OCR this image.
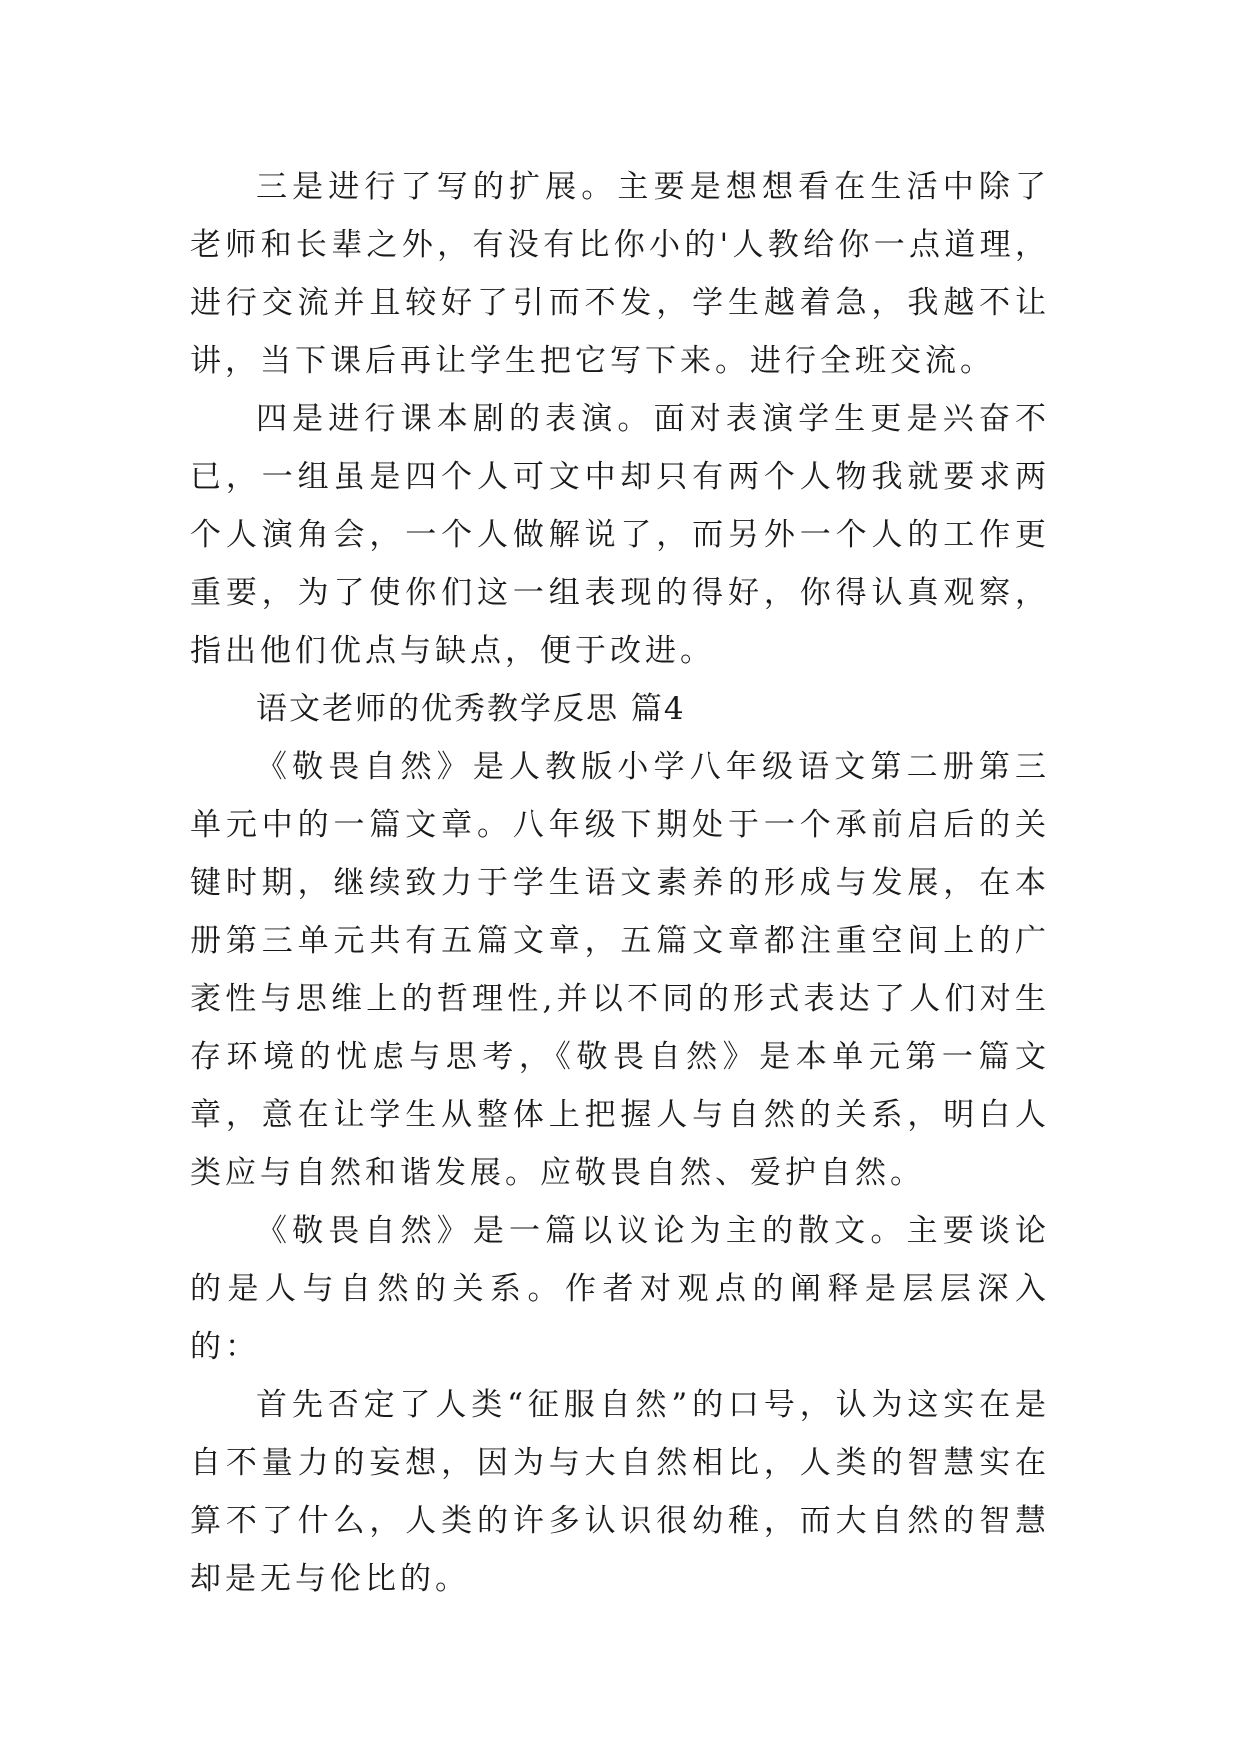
三是进行了写的扩展。主要是想想看在生活中除了老师和长辈之外，有没有比你小的'人教给你一点道理，进行交流并且较好了引而不发，学生越着急，我越不让讲，当下课后再让学生把它写下来。进行全班交流。

四是进行课本剧的表演。面对表演学生更是兴奋不已，一组虽是四个人可文中却只有两个人物我就要求两个人演角会，一个人做解说了，而另外一个人的工作更重要，为了使你们这一组表现的得好，你得认真观察，指出他们优点与缺点，便于改进。

语文老师的优秀教学反思 篇4

《敬畏自然》是人教版小学八年级语文第二册第三单元中的一篇文章。八年级下期处于一个承前启后的关键时期，继续致力于学生语文素养的形成与发展，在本册第三单元共有五篇文章，五篇文章都注重空间上的广袤性与思维上的哲理性,并以不同的形式表达了人们对生存环境的忧虑与思考，《敬畏自然》是本单元第一篇文章，意在让学生从整体上把握人与自然的关系，明白人类应与自然和谐发展。应敬畏自然、爱护自然。

《敬畏自然》是一篇以议论为主的散文。主要谈论的是人与自然的关系。作者对观点的阐释是层层深入的：

首先否定了人类“征服自然”的口号，认为这实在是自不量力的妄想，因为与大自然相比，人类的智慧实在算不了什么，人类的许多认识很幼稚，而大自然的智慧却是无与伦比的。
